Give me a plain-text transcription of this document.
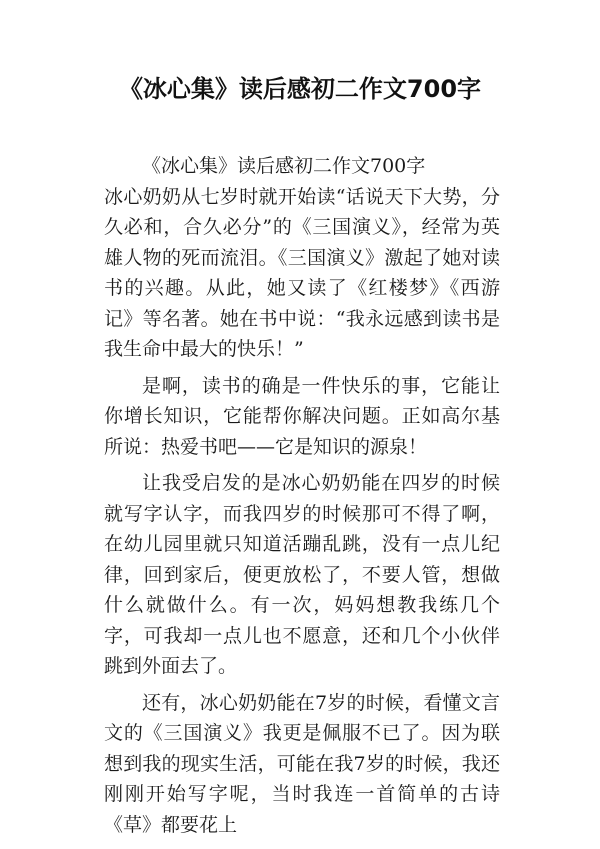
《冰心集》读后感初二作文700字

《冰心集》读后感初二作文700字

冰心奶奶从七岁时就开始读“话说天下大势，分久必和，合久必分”的《三国演义》，经常为英雄人物的死而流泪。《三国演义》激起了她对读书的兴趣。从此，她又读了《红楼梦》《西游记》等名著。她在书中说：“我永远感到读书是我生命中最大的快乐！”

是啊，读书的确是一件快乐的事，它能让你增长知识，它能帮你解决问题。正如高尔基所说：热爱书吧——它是知识的源泉！

让我受启发的是冰心奶奶能在四岁的时候就写字认字，而我四岁的时候那可不得了啊，在幼儿园里就只知道活蹦乱跳，没有一点儿纪律，回到家后，便更放松了，不要人管，想做什么就做什么。有一次，妈妈想教我练几个字，可我却一点儿也不愿意，还和几个小伙伴跳到外面去了。

还有，冰心奶奶能在7岁的时候，看懂文言文的《三国演义》我更是佩服不已了。因为联想到我的现实生活，可能在我7岁的时候，我还刚刚开始写字呢，当时我连一首简单的古诗《草》都要花上
